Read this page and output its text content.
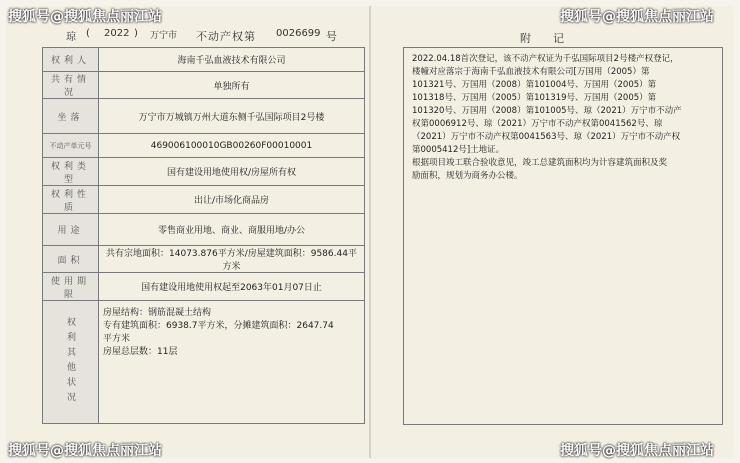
琼 ( 2022 ) 万宁市 不动产权第 0026699 号
权利人	海南千弘血液技术有限公司
共有情况	单独所有
坐落	万宁市万城镇万州大道东侧千弘国际项目2号楼
不动产单元号	469006100010GB00260F00010001
权利类型	国有建设用地使用权/房屋所有权
权利性质	出让/市场化商品房
用途	零售商业用地、商业、商服用地/办公
面积	共有宗地面积：14073.876平方米/房屋建筑面积：9586.44平方米
使用期限	国有建设用地使用权起至2063年01月07日止

权利其他状况	房屋结构：钢筋混凝土结构
专有建筑面积：6938.7平方米，分摊建筑面积：2647.74
平方米
房屋总层数：11层
附记
2022.04.18首次登记，该不动产权证为千弘国际项目2号楼产权登记，
楼幢对应落宗于海南千弘血液技术有限公司[万国用（2005）第
101321号、万国用（2008）第101004号、万国用（2005）第
101318号、万国用（2005）第101319号、万国用（2005）第
101320号、万国用（2008）第101005号、琼（2021）万宁市不动产
权第0006912号、琼（2021）万宁市不动产权第0041562号、琼
（2021）万宁市不动产权第0041563号、琼（2021）万宁市不动产权
第0005412号]土地证。
根据项目竣工联合验收意见，竣工总建筑面积均为计容建筑面积及奖
励面积，规划为商务办公楼。
搜狐号@搜狐焦点丽江站	搜狐号@搜狐焦点丽江站
搜狐号@搜狐焦点丽江站	搜狐号@搜狐焦点丽江站
